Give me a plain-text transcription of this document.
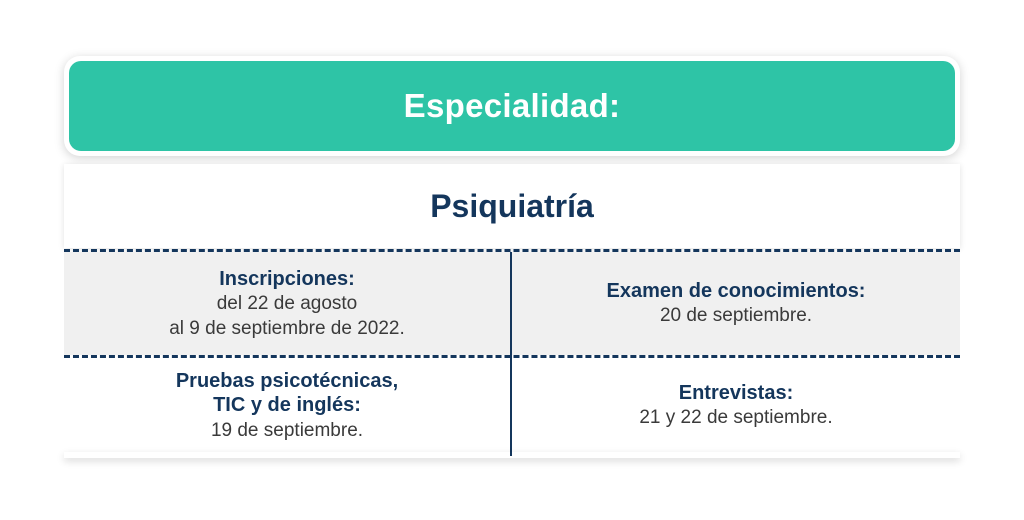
Especialidad:
Psiquiatría
Inscripciones:
del 22 de agosto
al 9 de septiembre de 2022.
Examen de conocimientos:
20 de septiembre.
Pruebas psicotécnicas,
TIC y de inglés:
19 de septiembre.
Entrevistas:
21 y 22 de septiembre.
